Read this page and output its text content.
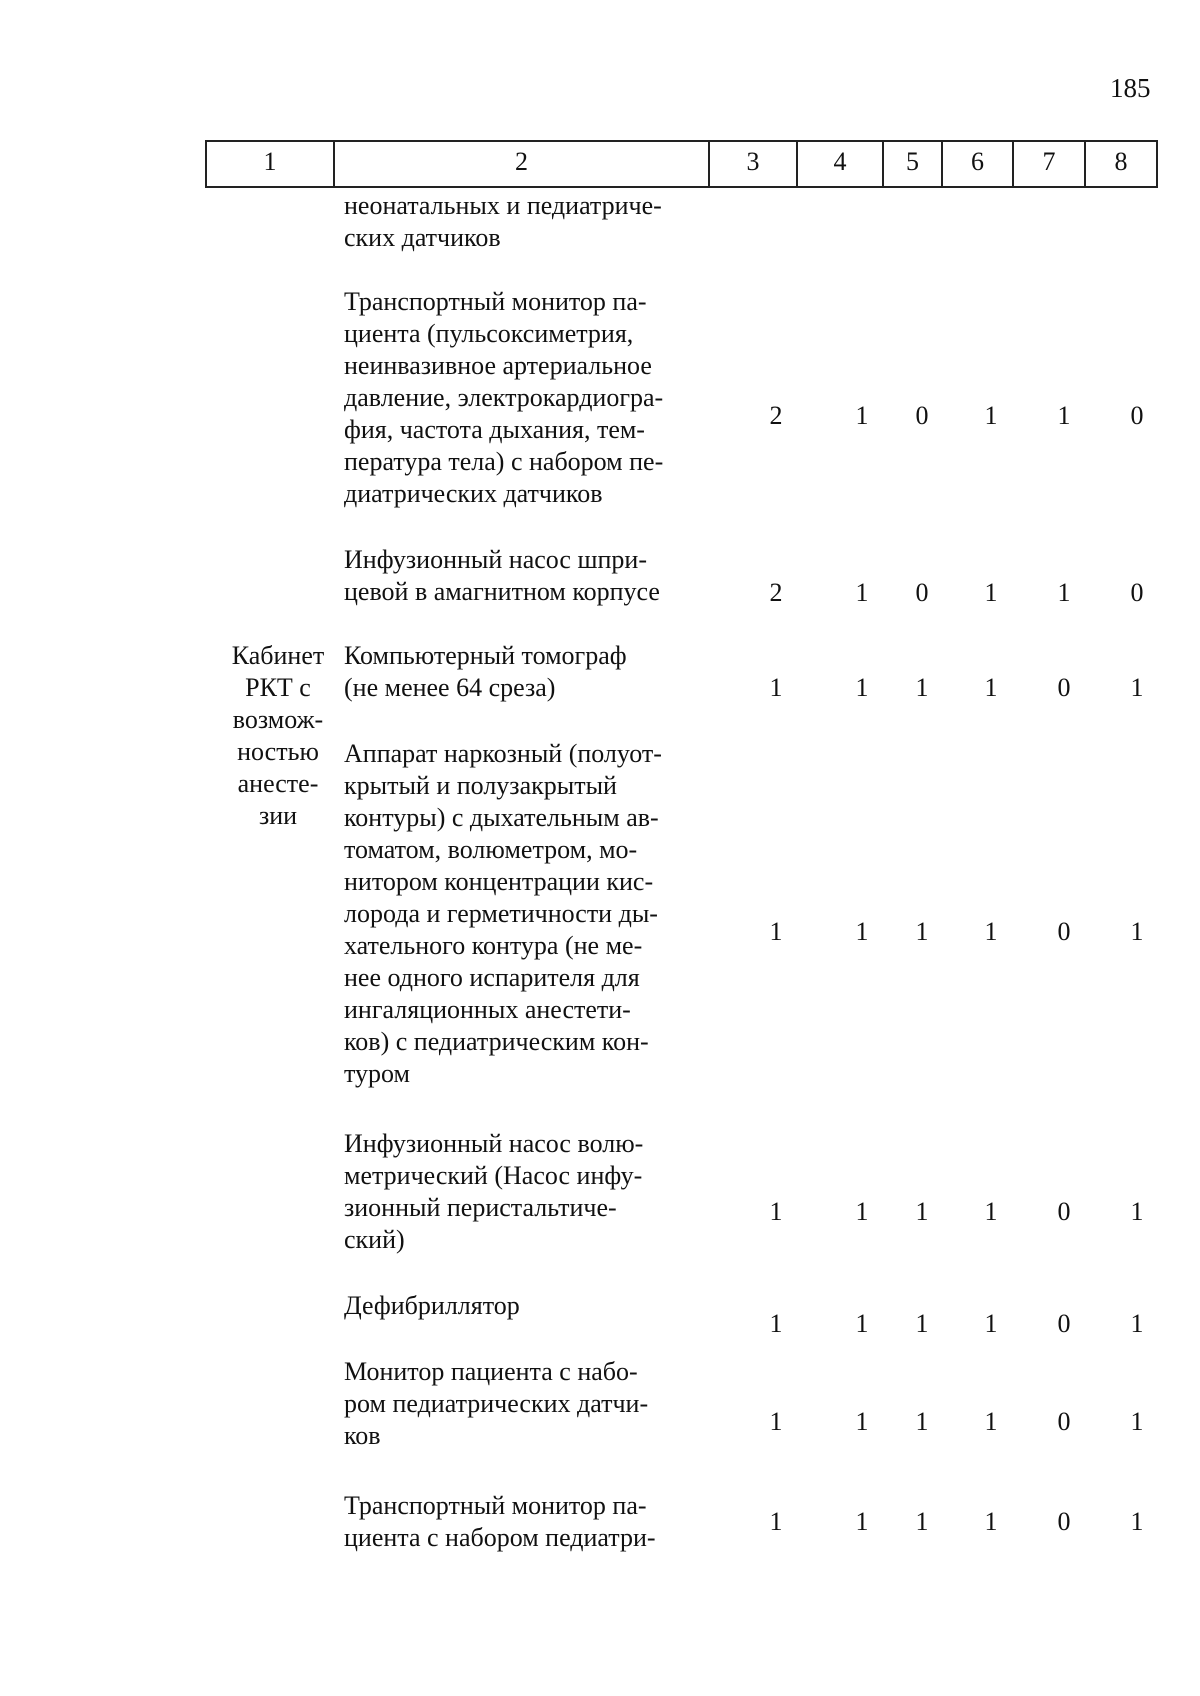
185
1	2	3	4	5	6	7	8
Кабинет
РКТ с
возмож-
ностью
анесте-
зии
неонатальных и педиатриче-
ских датчиков
Транспортный монитор па-
циента (пульсоксиметрия,
неинвазивное артериальное
давление, электрокардиогра-
фия, частота дыхания, тем-
пература тела) с набором пе-
диатрических датчиков
2	1	0	1	1	0
Инфузионный насос шпри-
цевой в амагнитном корпусе	2	1	0	1	1	0
Компьютерный томограф
(не менее 64 среза)	1	1	1	1	0	1
Аппарат наркозный (полуот-
крытый и полузакрытый
контуры) с дыхательным ав-
томатом, волюметром, мо-
нитором концентрации кис-
лорода и герметичности ды-
хательного контура (не ме-
нее одного испарителя для
ингаляционных анестети-
ков) с педиатрическим кон-
туром
1	1	1	1	0	1
Инфузионный насос волю-
метрический (Насос инфу-
зионный перистальтиче-
ский)
1	1	1	1	0	1
Дефибриллятор
1	1	1	1	0	1
Монитор пациента с набо-
ром педиатрических датчи-
ков	1	1	1	1	0	1
Транспортный монитор па-
циента с набором педиатри-
1	1	1	1	0	1
